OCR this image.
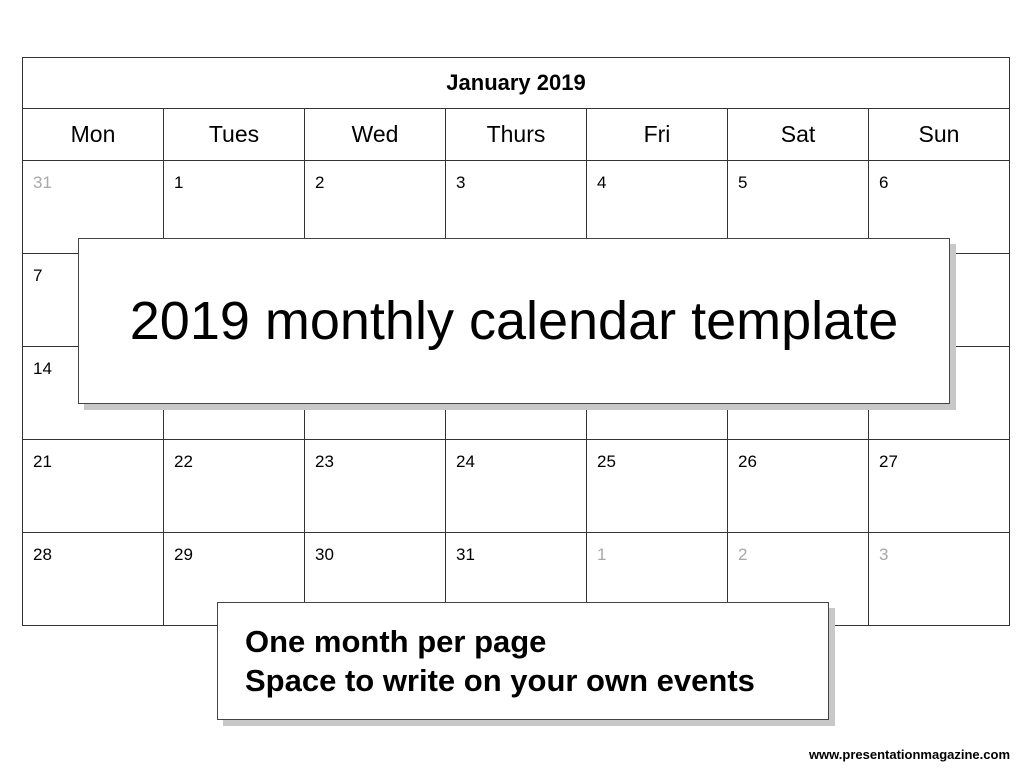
January 2019						
Mon	Tues	Wed	Thurs	Fri	Sat	Sun

31	1	2	3	4	5	6

7

14

21	22	23	24	25	26	27

28	29	30	31	1	2	3
2019 monthly calendar template
One month per page
Space to write on your own events
www.presentationmagazine.com
